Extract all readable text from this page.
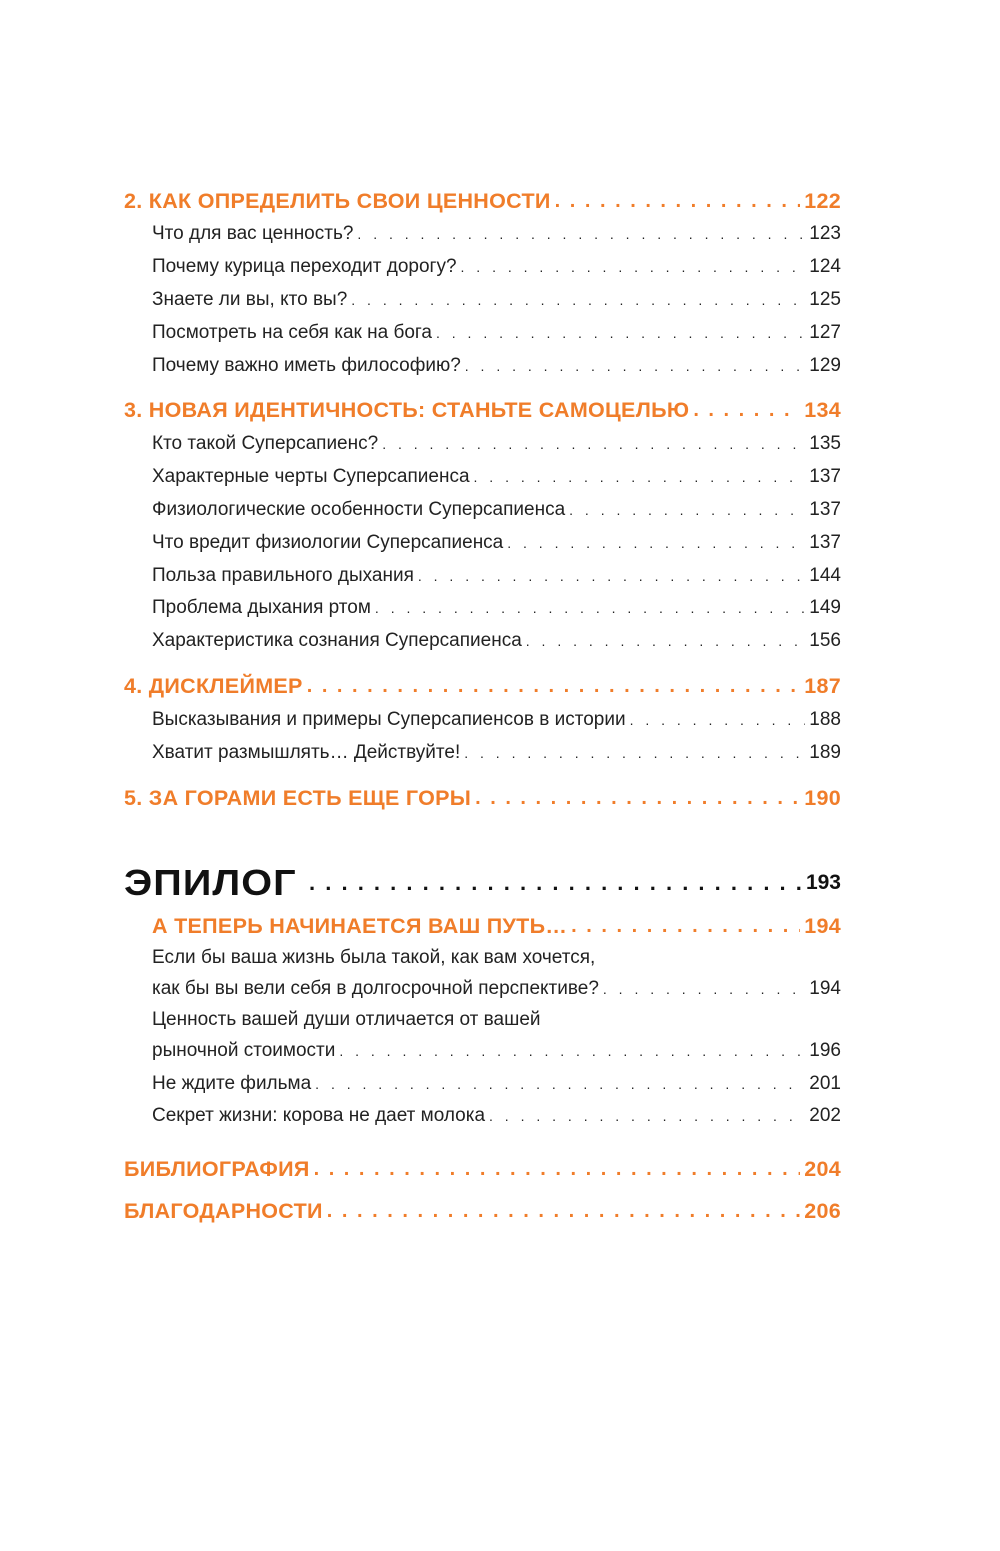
2. КАК ОПРЕДЕЛИТЬ СВОИ ЦЕННОСТИ . . .	122
Что для вас ценность? . . .	123
Почему курица переходит дорогу? . . .	124
Знаете ли вы, кто вы? . . .	125
Посмотреть на себя как на бога . . .	127
Почему важно иметь философию? . . .	129
3. НОВАЯ ИДЕНТИЧНОСТЬ: СТАНЬТЕ САМОЦЕЛЬЮ . . .	134
Кто такой Суперсапиенс? . . .	135
Характерные черты Суперсапиенса . . .	137
Физиологические особенности Суперсапиенса . . .	137
Что вредит физиологии Суперсапиенса . . .	137
Польза правильного дыхания . . .	144
Проблема дыхания ртом . . .	149
Характеристика сознания Суперсапиенса . . .	156
4. ДИСКЛЕЙМЕР . . .	187
Высказывания и примеры Суперсапиенсов в истории . . .	188
Хватит размышлять… Действуйте! . . .	189
5. ЗА ГОРАМИ ЕСТЬ ЕЩЕ ГОРЫ . . .	190
ЭПИЛОГ . . .	193
А ТЕПЕРЬ НАЧИНАЕТСЯ ВАШ ПУТЬ… . . .	194
Если бы ваша жизнь была такой, как вам хочется,
как бы вы вели себя в долгосрочной перспективе? . . .	194
Ценность вашей души отличается от вашей
рыночной стоимости . . .	196
Не ждите фильма . . .	201
Секрет жизни: корова не дает молока . . .	202
БИБЛИОГРАФИЯ . . .	204
БЛАГОДАРНОСТИ . . .	206
